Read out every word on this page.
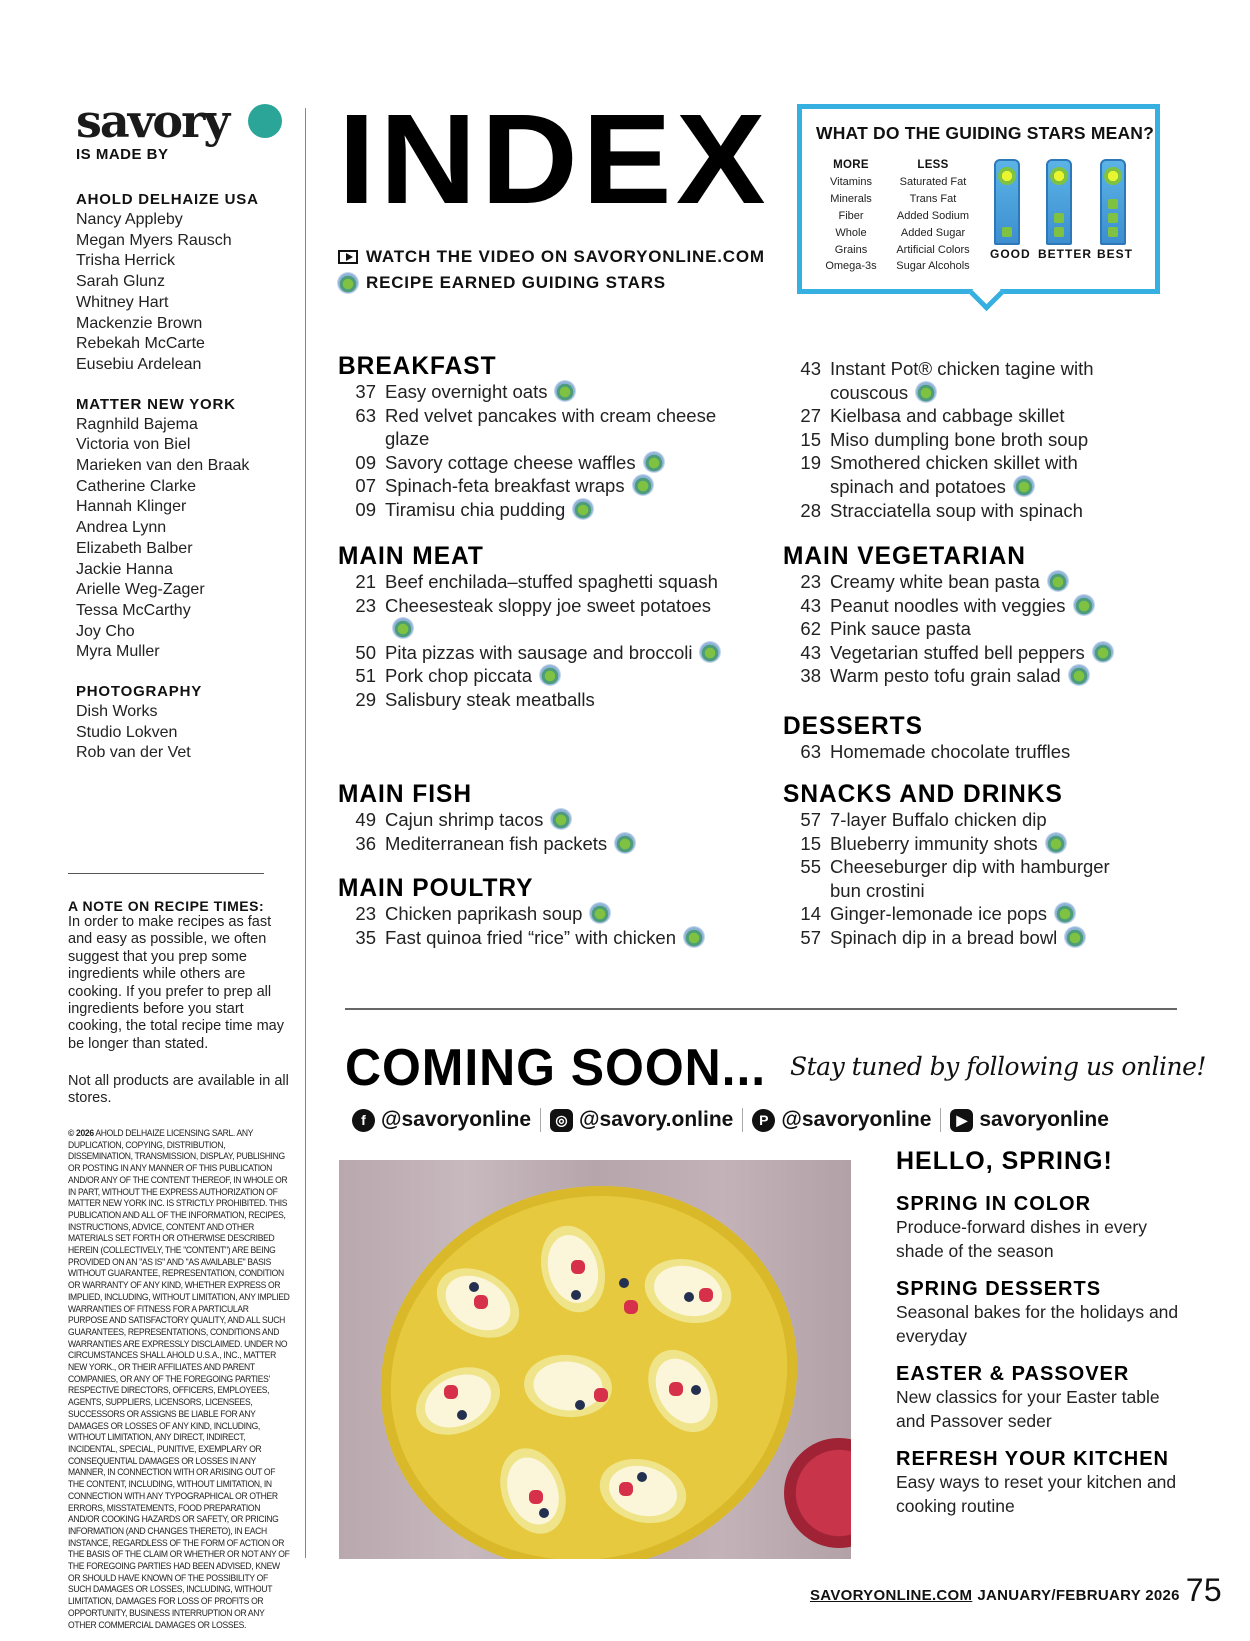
savory
IS MADE BY
AHOLD DELHAIZE USA
Nancy Appleby
Megan Myers Rausch
Trisha Herrick
Sarah Glunz
Whitney Hart
Mackenzie Brown
Rebekah McCarte
Eusebiu Ardelean
MATTER NEW YORK
Ragnhild Bajema
Victoria von Biel
Marieken van den Braak
Catherine Clarke
Hannah Klinger
Andrea Lynn
Elizabeth Balber
Jackie Hanna
Arielle Weg-Zager
Tessa McCarthy
Joy Cho
Myra Muller
PHOTOGRAPHY
Dish Works
Studio Lokven
Rob van der Vet
A NOTE ON RECIPE TIMES:
In order to make recipes as fast and easy as possible, we often suggest that you prep some ingredients while others are cooking. If you prefer to prep all ingredients before you start cooking, the total recipe time may be longer than stated.
Not all products are available in all stores.
© 2026 AHOLD DELHAIZE LICENSING SARL. ANY DUPLICATION, COPYING, DISTRIBUTION, DISSEMINATION, TRANSMISSION, DISPLAY, PUBLISHING OR POSTING IN ANY MANNER OF THIS PUBLICATION AND/OR ANY OF THE CONTENT THEREOF, IN WHOLE OR IN PART, WITHOUT THE EXPRESS AUTHORIZATION OF MATTER NEW YORK INC. IS STRICTLY PROHIBITED. THIS PUBLICATION AND ALL OF THE INFORMATION, RECIPES, INSTRUCTIONS, ADVICE, CONTENT AND OTHER MATERIALS SET FORTH OR OTHERWISE DESCRIBED HEREIN (COLLECTIVELY, THE "CONTENT") ARE BEING PROVIDED ON AN "AS IS" AND "AS AVAILABLE" BASIS WITHOUT GUARANTEE, REPRESENTATION, CONDITION OR WARRANTY OF ANY KIND, WHETHER EXPRESS OR IMPLIED, INCLUDING, WITHOUT LIMITATION, ANY IMPLIED WARRANTIES OF FITNESS FOR A PARTICULAR PURPOSE AND SATISFACTORY QUALITY, AND ALL SUCH GUARANTEES, REPRESENTATIONS, CONDITIONS AND WARRANTIES ARE EXPRESSLY DISCLAIMED. UNDER NO CIRCUMSTANCES SHALL AHOLD U.S.A., INC., MATTER NEW YORK., OR THEIR AFFILIATES AND PARENT COMPANIES, OR ANY OF THE FOREGOING PARTIES' RESPECTIVE DIRECTORS, OFFICERS, EMPLOYEES, AGENTS, SUPPLIERS, LICENSORS, LICENSEES, SUCCESSORS OR ASSIGNS BE LIABLE FOR ANY DAMAGES OR LOSSES OF ANY KIND, INCLUDING, WITHOUT LIMITATION, ANY DIRECT, INDIRECT, INCIDENTAL, SPECIAL, PUNITIVE, EXEMPLARY OR CONSEQUENTIAL DAMAGES OR LOSSES IN ANY MANNER, IN CONNECTION WITH OR ARISING OUT OF THE CONTENT, INCLUDING, WITHOUT LIMITATION, IN CONNECTION WITH ANY TYPOGRAPHICAL OR OTHER ERRORS, MISSTATEMENTS, FOOD PREPARATION AND/OR COOKING HAZARDS OR SAFETY, OR PRICING INFORMATION (AND CHANGES THERETO), IN EACH INSTANCE, REGARDLESS OF THE FORM OF ACTION OR THE BASIS OF THE CLAIM OR WHETHER OR NOT ANY OF THE FOREGOING PARTIES HAD BEEN ADVISED, KNEW OR SHOULD HAVE KNOWN OF THE POSSIBILITY OF SUCH DAMAGES OR LOSSES, INCLUDING, WITHOUT LIMITATION, DAMAGES FOR LOSS OF PROFITS OR OPPORTUNITY, BUSINESS INTERRUPTION OR ANY OTHER COMMERCIAL DAMAGES OR LOSSES.
INDEX
WATCH THE VIDEO ON SAVORYONLINE.COM
RECIPE EARNED GUIDING STARS
WHAT DO THE GUIDING STARS MEAN?
MORE
Vitamins
Minerals
Fiber
Whole
Grains
Omega-3s
LESS
Saturated Fat
Trans Fat
Added Sodium
Added Sugar
Artificial Colors
Sugar Alcohols
GOOD BETTER BEST
BREAKFAST
37 Easy overnight oats
63 Red velvet pancakes with cream cheese glaze
09 Savory cottage cheese waffles
07 Spinach-feta breakfast wraps
09 Tiramisu chia pudding
MAIN MEAT
21 Beef enchilada–stuffed spaghetti squash
23 Cheesesteak sloppy joe sweet potatoes
50 Pita pizzas with sausage and broccoli
51 Pork chop piccata
29 Salisbury steak meatballs
MAIN FISH
49 Cajun shrimp tacos
36 Mediterranean fish packets
MAIN POULTRY
23 Chicken paprikash soup
35 Fast quinoa fried “rice” with chicken
MAIN VEGETARIAN
23 Creamy white bean pasta
43 Peanut noodles with veggies
62 Pink sauce pasta
43 Vegetarian stuffed bell peppers
38 Warm pesto tofu grain salad
DESSERTS
63 Homemade chocolate truffles
SNACKS AND DRINKS
57 7-layer Buffalo chicken dip
15 Blueberry immunity shots
55 Cheeseburger dip with hamburger bun crostini
14 Ginger-lemonade ice pops
57 Spinach dip in a bread bowl
COMING SOON... Stay tuned by following us online!
f @savoryonline	◎ @savory.online	P @savoryonline	▶ savoryonline
HELLO, SPRING!
SPRING IN COLOR
Produce-forward dishes in every shade of the season
SPRING DESSERTS
Seasonal bakes for the holidays and everyday
EASTER & PASSOVER
New classics for your Easter table and Passover seder
REFRESH YOUR KITCHEN
Easy ways to reset your kitchen and cooking routine
SAVORYONLINE.COM JANUARY/FEBRUARY 2026 75
43 Instant Pot® chicken tagine with couscous
27 Kielbasa and cabbage skillet
15 Miso dumpling bone broth soup
19 Smothered chicken skillet with spinach and potatoes
28 Stracciatella soup with spinach
